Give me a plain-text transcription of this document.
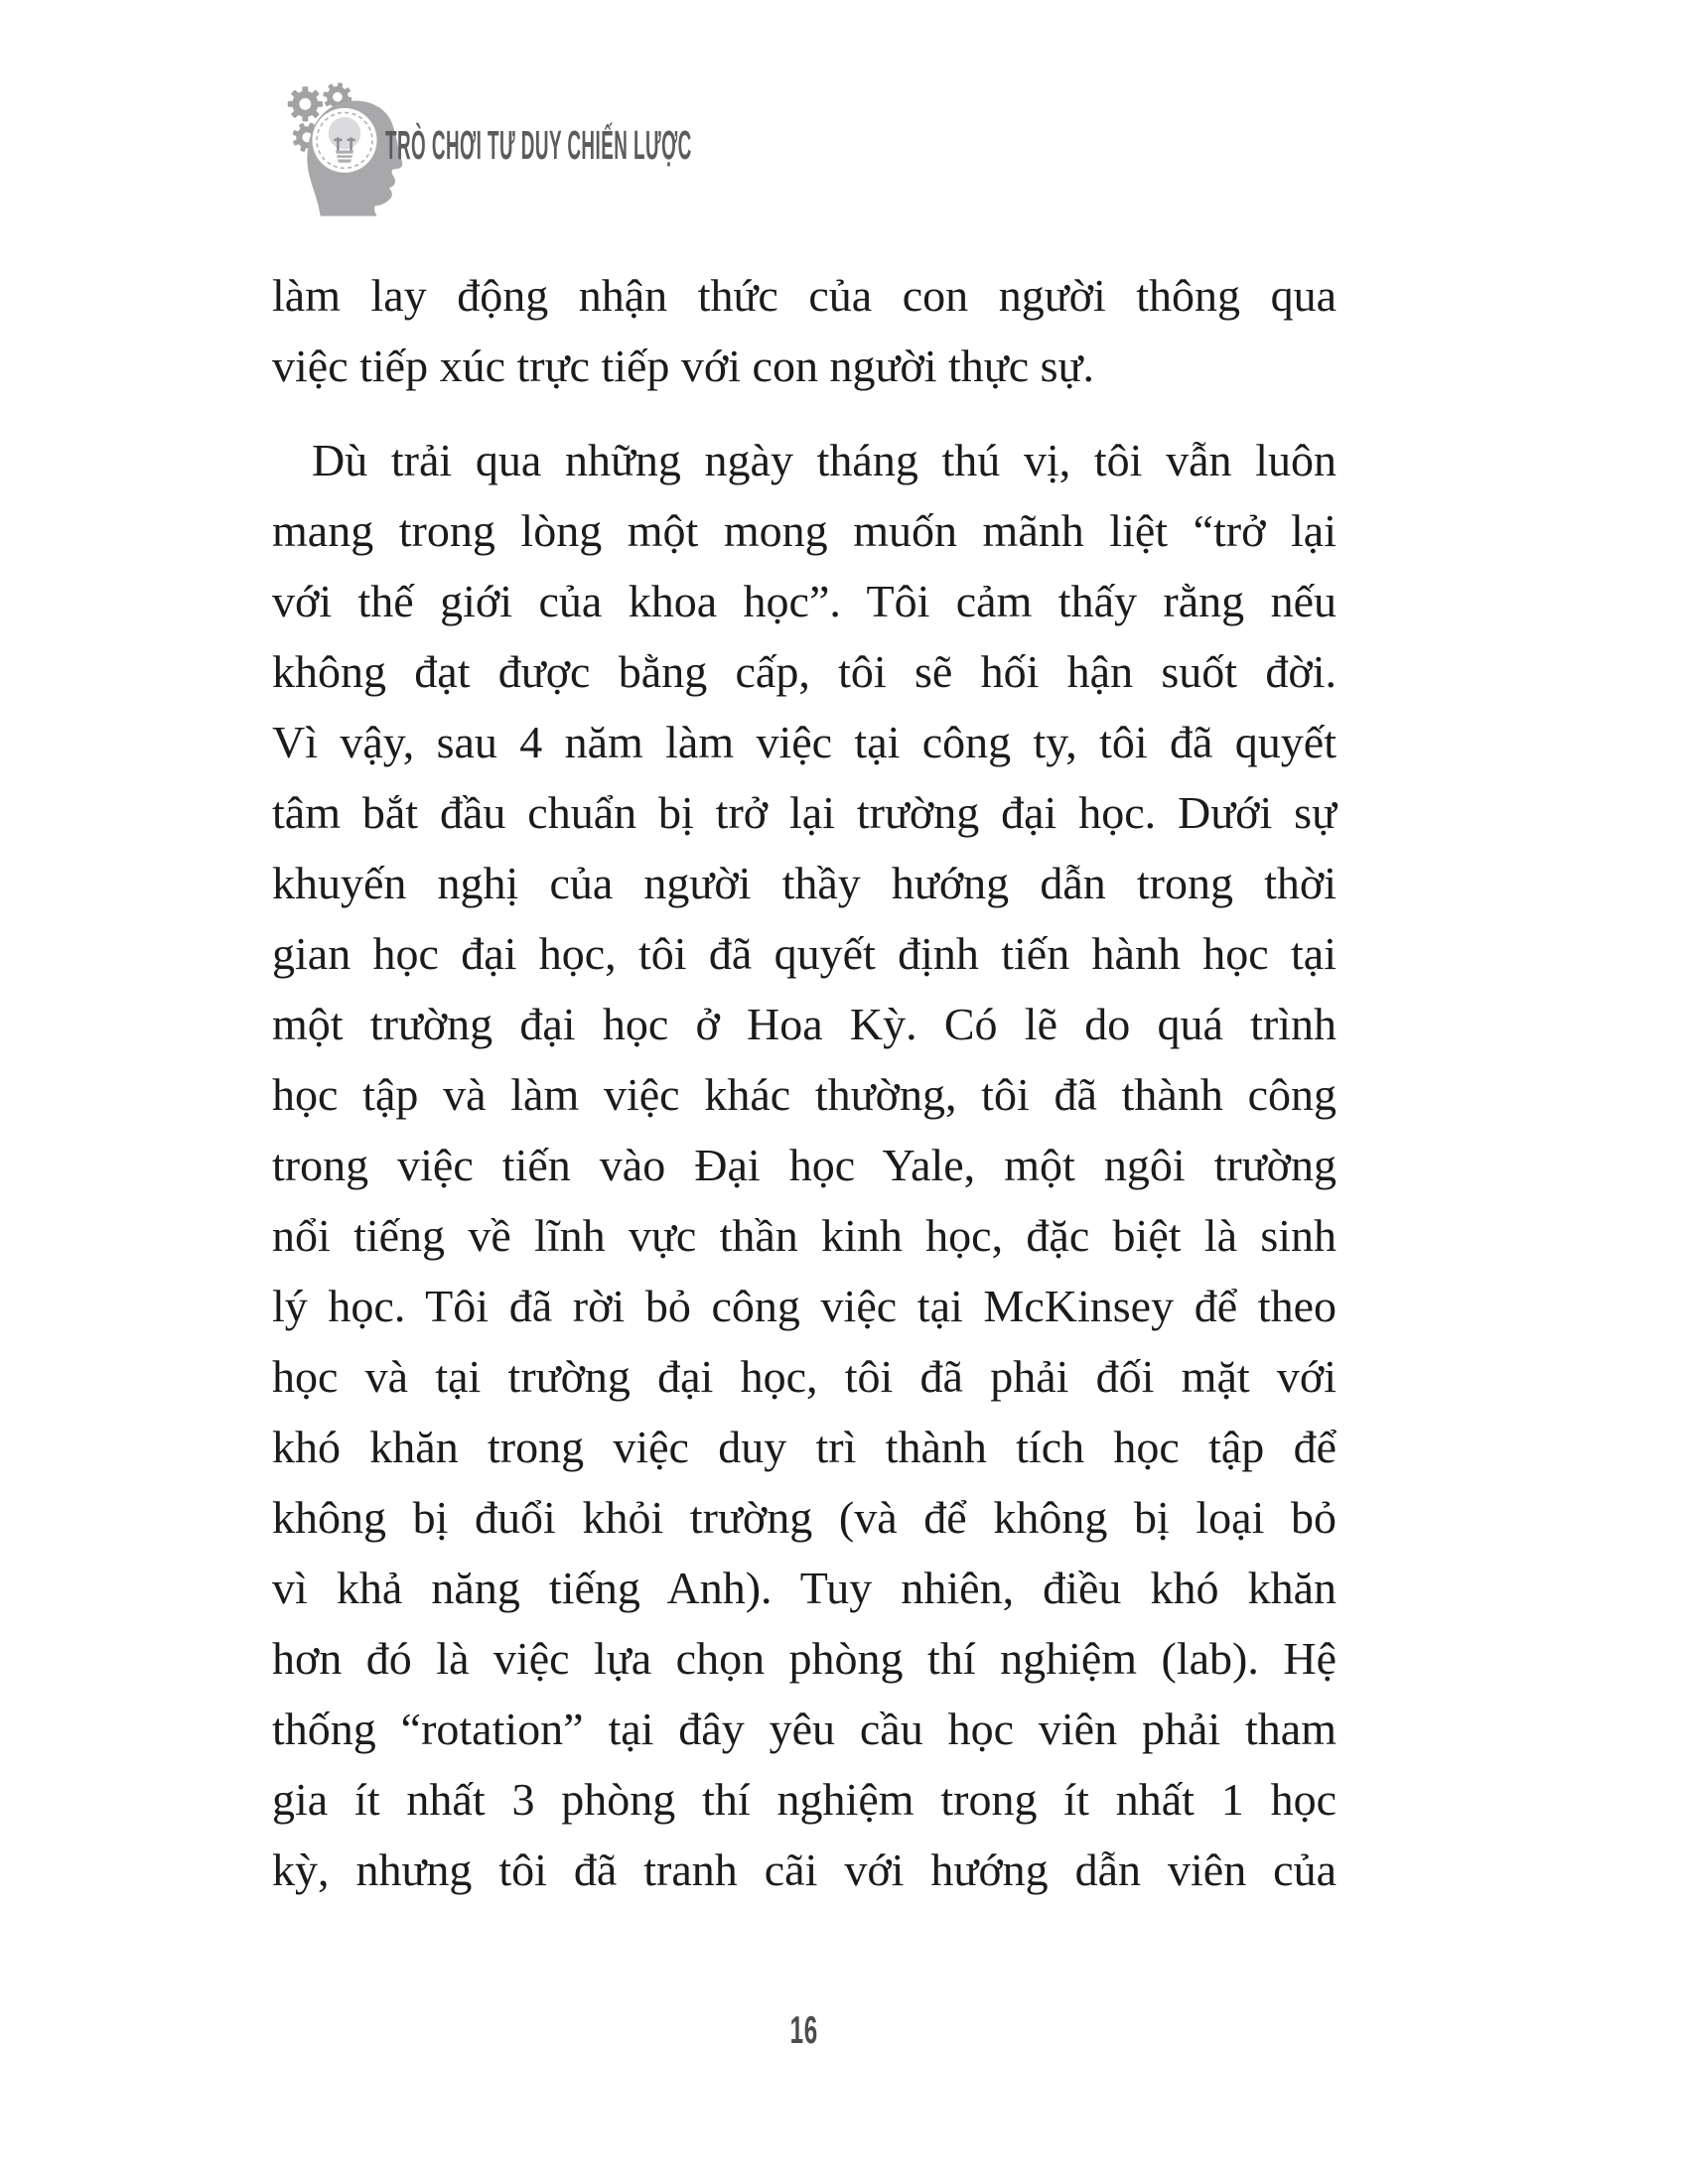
TRÒ CHƠI TƯ DUY CHIẾN LƯỢC
làm lay động nhận thức của con người thông qua
việc tiếp xúc trực tiếp với con người thực sự.
Dù trải qua những ngày tháng thú vị, tôi vẫn luôn
mang trong lòng một mong muốn mãnh liệt “trở lại
với thế giới của khoa học”. Tôi cảm thấy rằng nếu
không đạt được bằng cấp, tôi sẽ hối hận suốt đời.
Vì vậy, sau 4 năm làm việc tại công ty, tôi đã quyết
tâm bắt đầu chuẩn bị trở lại trường đại học. Dưới sự
khuyến nghị của người thầy hướng dẫn trong thời
gian học đại học, tôi đã quyết định tiến hành học tại
một trường đại học ở Hoa Kỳ. Có lẽ do quá trình
học tập và làm việc khác thường, tôi đã thành công
trong việc tiến vào Đại học Yale, một ngôi trường
nổi tiếng về lĩnh vực thần kinh học, đặc biệt là sinh
lý học. Tôi đã rời bỏ công việc tại McKinsey để theo
học và tại trường đại học, tôi đã phải đối mặt với
khó khăn trong việc duy trì thành tích học tập để
không bị đuổi khỏi trường (và để không bị loại bỏ
vì khả năng tiếng Anh). Tuy nhiên, điều khó khăn
hơn đó là việc lựa chọn phòng thí nghiệm (lab). Hệ
thống “rotation” tại đây yêu cầu học viên phải tham
gia ít nhất 3 phòng thí nghiệm trong ít nhất 1 học
kỳ, nhưng tôi đã tranh cãi với hướng dẫn viên của
16
